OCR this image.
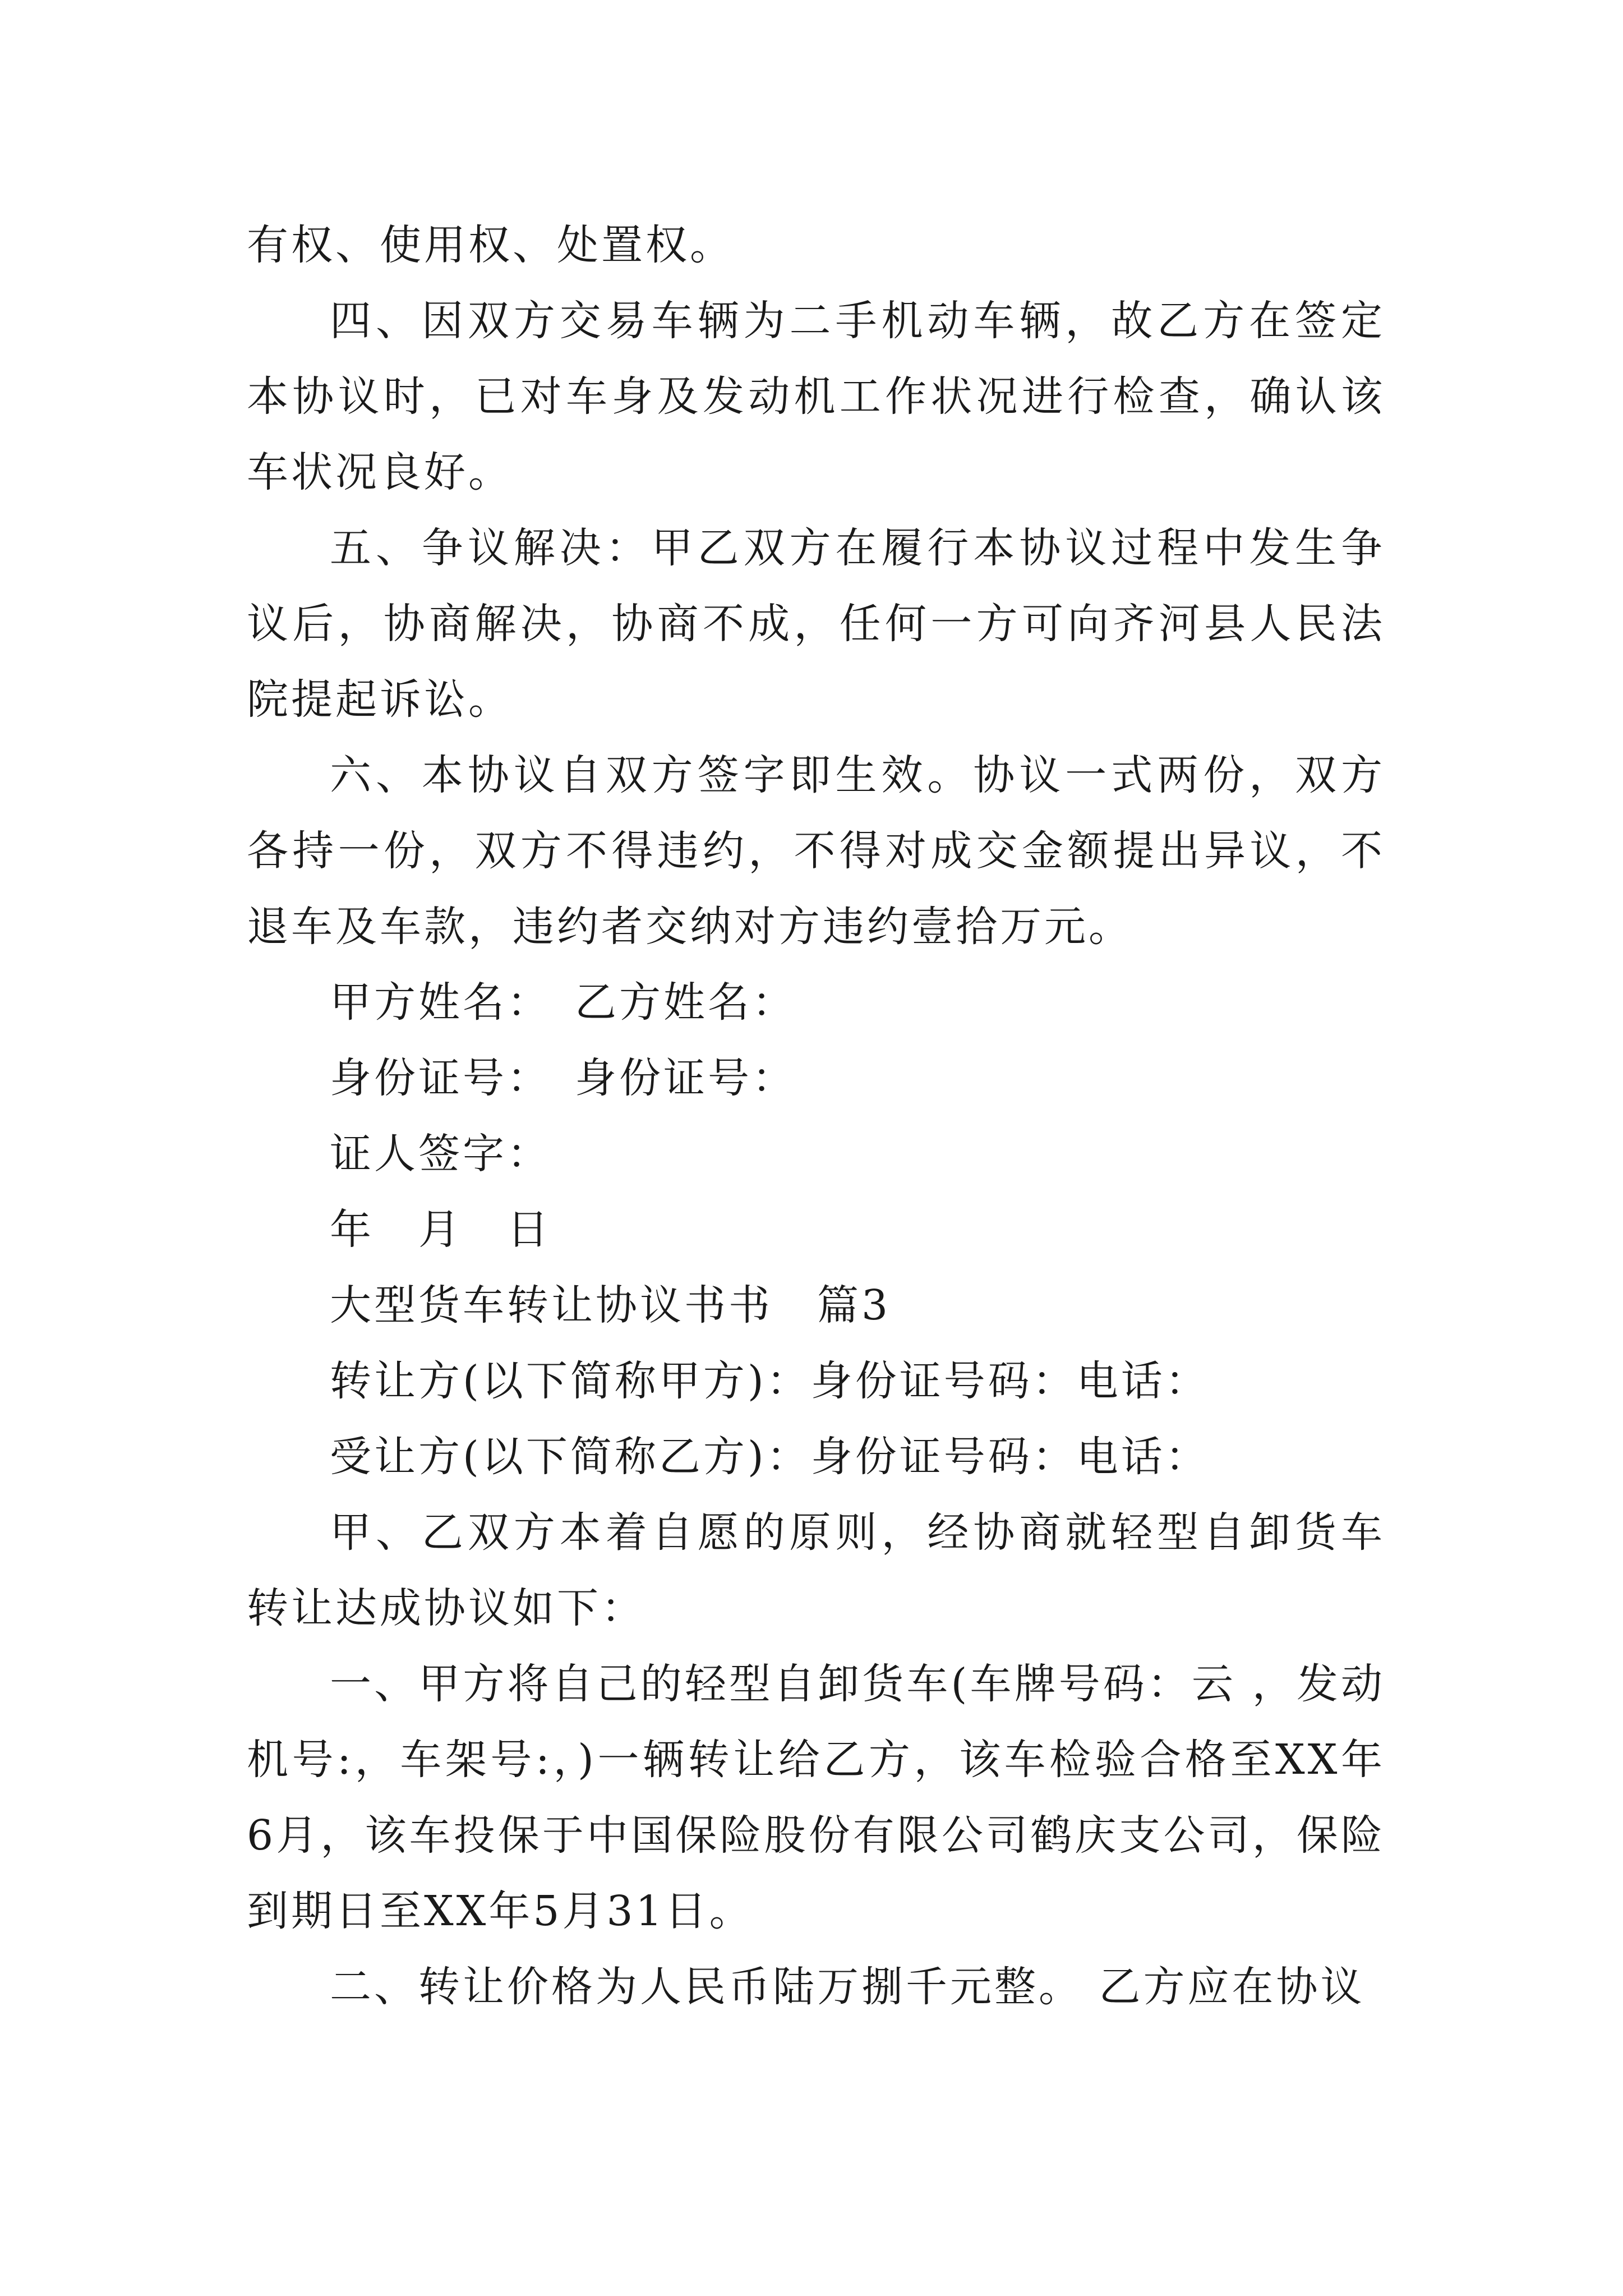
有权、使用权、处置权。

四、因双方交易车辆为二手机动车辆，故乙方在签定本协议时，已对车身及发动机工作状况进行检查，确认该车状况良好。

五、争议解决：甲乙双方在履行本协议过程中发生争议后，协商解决，协商不成，任何一方可向齐河县人民法院提起诉讼。

六、本协议自双方签字即生效。协议一式两份，双方各持一份，双方不得违约，不得对成交金额提出异议，不退车及车款，违约者交纳对方违约壹拾万元。

甲方姓名：　乙方姓名：

身份证号：　身份证号：

证人签字：

年　月　日

大型货车转让协议书书　篇3

转让方(以下简称甲方)：身份证号码：电话：

受让方(以下简称乙方)：身份证号码：电话：

甲、乙双方本着自愿的原则，经协商就轻型自卸货车转让达成协议如下：

一、甲方将自己的轻型自卸货车(车牌号码：云 ，发动机号:，车架号:，)一辆转让给乙方，该车检验合格至XX年6月，该车投保于中国保险股份有限公司鹤庆支公司，保险到期日至XX年5月31日。

二、转让价格为人民币陆万捌千元整。 乙方应在协议
